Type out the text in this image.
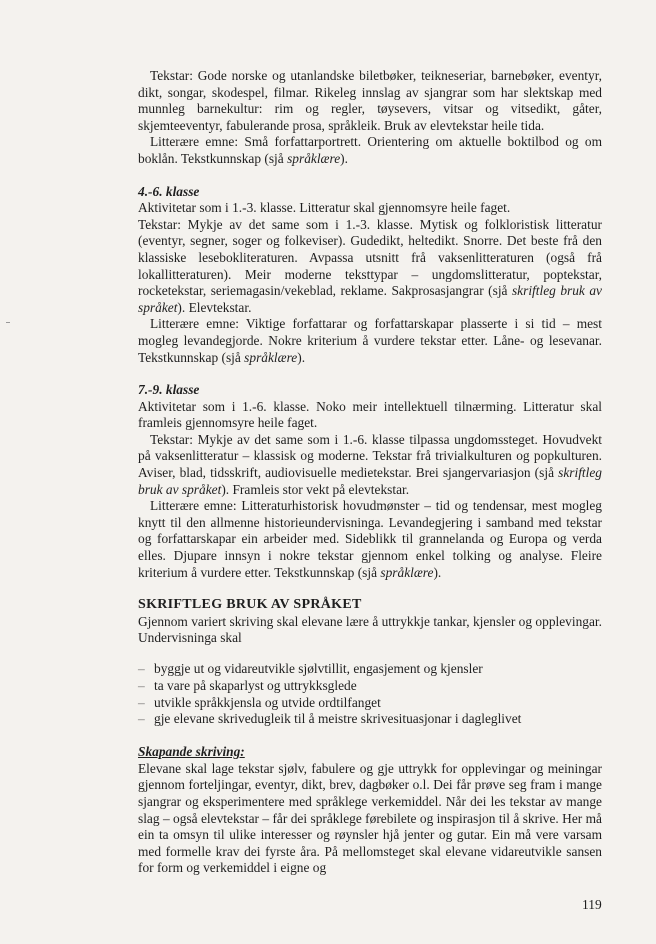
Tekstar: Gode norske og utanlandske biletbøker, teikneseriar, barnebøker, eventyr, dikt, songar, skodespel, filmar. Rikeleg innslag av sjangrar som har slektskap med munnleg barnekultur: rim og regler, tøysevers, vitsar og vitsedikt, gåter, skjemteeventyr, fabulerande prosa, språkleik. Bruk av elevtekstar heile tida.

Litterære emne: Små forfattarportrett. Orientering om aktuelle boktilbod og om boklån. Tekstkunnskap (sjå språklære).

4.-6. klasse

Aktivitetar som i 1.-3. klasse. Litteratur skal gjennomsyre heile faget.

Tekstar: Mykje av det same som i 1.-3. klasse. Mytisk og folkloristisk litteratur (eventyr, segner, soger og folkeviser). Gudedikt, heltedikt. Snorre. Det beste frå den klassiske lesebokliteraturen. Avpassa utsnitt frå vaksenlitteraturen (også frå lokallitteraturen). Meir moderne teksttypar – ungdomslitteratur, poptekstar, rocketekstar, seriemagasin/vekeblad, reklame. Sakprosasjangrar (sjå skriftleg bruk av språket). Elevtekstar.

Litterære emne: Viktige forfattarar og forfattarskapar plasserte i si tid – mest mogleg levandegjorde. Nokre kriterium å vurdere tekstar etter. Låne- og lesevanar. Tekstkunnskap (sjå språklære).

7.-9. klasse

Aktivitetar som i 1.-6. klasse. Noko meir intellektuell tilnærming. Litteratur skal framleis gjennomsyre heile faget.

Tekstar: Mykje av det same som i 1.-6. klasse tilpassa ungdomssteget. Hovudvekt på vaksenlitteratur – klassisk og moderne. Tekstar frå trivialkulturen og popkulturen. Aviser, blad, tidsskrift, audiovisuelle medietekstar. Brei sjangervariasjon (sjå skriftleg bruk av språket). Framleis stor vekt på elevtekstar.

Litterære emne: Litteraturhistorisk hovudmønster – tid og tendensar, mest mogleg knytt til den allmenne historieundervisninga. Levandegjering i samband med tekstar og forfattarskapar ein arbeider med. Sideblikk til grannelanda og Europa og verda elles. Djupare innsyn i nokre tekstar gjennom enkel tolking og analyse. Fleire kriterium å vurdere etter. Tekstkunnskap (sjå språklære).

SKRIFTLEG BRUK AV SPRÅKET

Gjennom variert skriving skal elevane lære å uttrykkje tankar, kjensler og opplevingar. Undervisninga skal

– byggje ut og vidareutvikle sjølvtillit, engasjement og kjensler
– ta vare på skaparlyst og uttrykksglede
– utvikle språkkjensla og utvide ordtilfanget
– gje elevane skrivedugleik til å meistre skrivesituasjonar i dagleglivet

Skapande skriving:

Elevane skal lage tekstar sjølv, fabulere og gje uttrykk for opplevingar og meiningar gjennom forteljingar, eventyr, dikt, brev, dagbøker o.l. Dei får prøve seg fram i mange sjangrar og eksperimentere med språklege verkemiddel. Når dei les tekstar av mange slag – også elevtekstar – får dei språklege førebilete og inspirasjon til å skrive. Her må ein ta omsyn til ulike interesser og røynsler hjå jenter og gutar. Ein må vere varsam med formelle krav dei fyrste åra. På mellomsteget skal elevane vidareutvikle sansen for form og verkemiddel i eigne og

119
